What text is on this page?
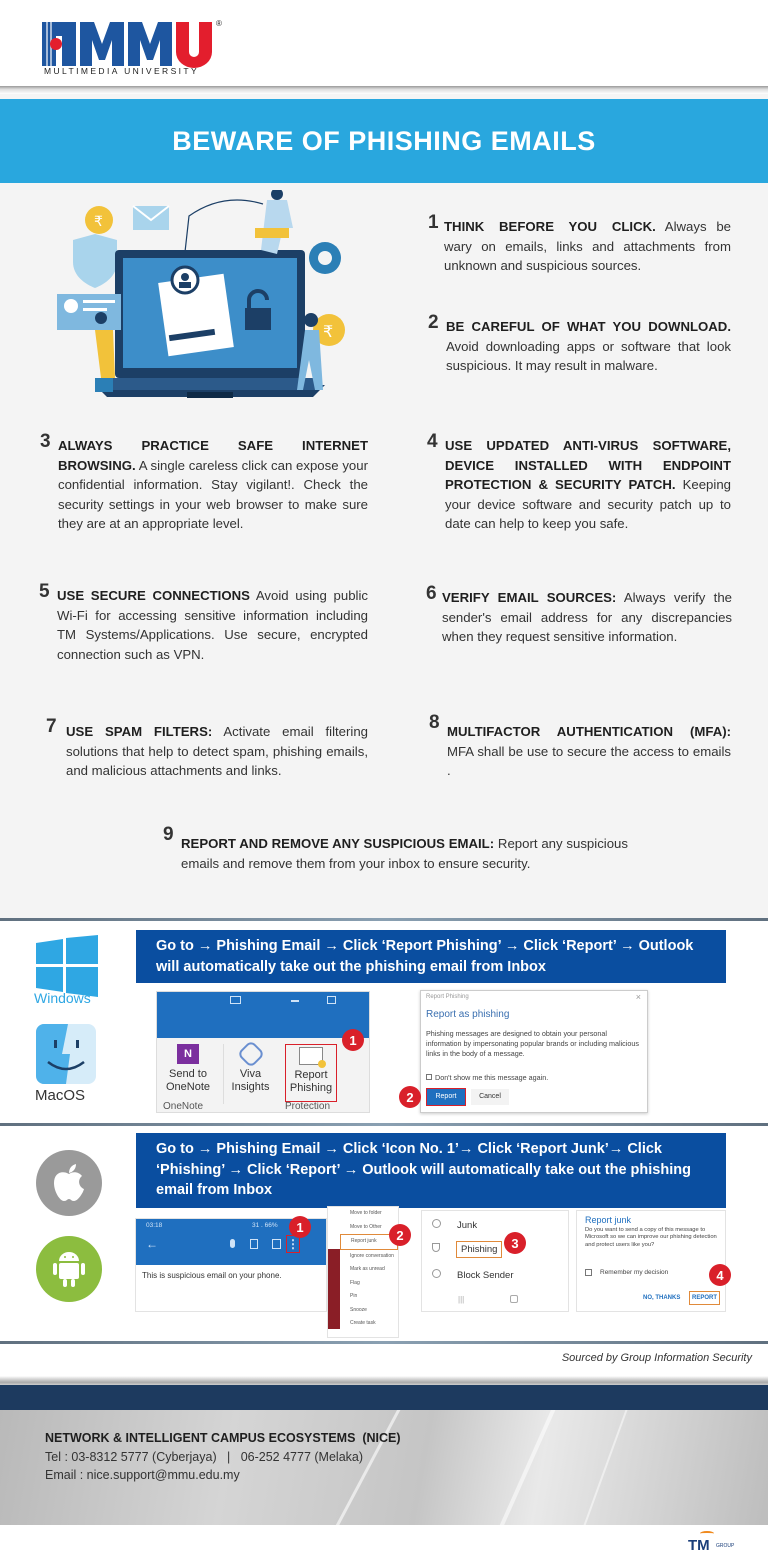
®
MULTIMEDIA UNIVERSITY
BEWARE OF PHISHING EMAILS
₹
₹
1 THINK BEFORE YOU CLICK. Always be wary on emails, links and attachments from unknown and suspicious sources.
2 BE CAREFUL OF WHAT YOU DOWNLOAD. Avoid downloading apps or software that look suspicious. It may result in malware.
3 ALWAYS PRACTICE SAFE INTERNET BROWSING. A single careless click can expose your confidential information. Stay vigilant!. Check the security settings in your web browser to make sure they are at an appropriate level.
4 USE UPDATED ANTI-VIRUS SOFTWARE, DEVICE INSTALLED WITH ENDPOINT PROTECTION & SECURITY PATCH. Keeping your device software and security patch up to date can help to keep you safe.
5 USE SECURE CONNECTIONS Avoid using public Wi-Fi for accessing sensitive information including TM Systems/Applications. Use secure, encrypted connection such as VPN.
6 VERIFY EMAIL SOURCES: Always verify the sender's email address for any discrepancies when they request sensitive information.
7 USE SPAM FILTERS: Activate email filtering solutions that help to detect spam, phishing emails, and malicious attachments and links.
8 MULTIFACTOR AUTHENTICATION (MFA): MFA shall be use to secure the access to emails .
9 REPORT AND REMOVE ANY SUSPICIOUS EMAIL: Report any suspicious emails and remove them from your inbox to ensure security.
Windows
MacOS
Go to → Phishing Email → Click ‘Report Phishing’ → Click ‘Report’ → Outlook will automatically take out the phishing email from Inbox
N
Send to
OneNote
Viva
Insights
Report
Phishing
OneNote	Protection
1
Report Phishing	×
Report as phishing
Phishing messages are designed to obtain your personal information by impersonating popular brands or including malicious links in the body of a message.
Don't show me this message again.
Report	Cancel
2
Go to → Phishing Email → Click ‘Icon No. 1’→ Click ‘Report Junk’→ Click ‘Phishing’ → Click ‘Report’ → Outlook will automatically take out the phishing email from Inbox
03:18	31 . 66%
←	⋮
This is suspicious email on your phone.
1
Move to folder
Move to Other
Report junk
Ignore conversation
Mark as unread
Flag
Pin
Snooze
Create task
2
Junk
Phishing
Block Sender
|||
3
Report junk
Do you want to send a copy of this message to Microsoft so we can improve our phishing detection and protect users like you?
Remember my decision
NO, THANKS	REPORT
4
Sourced by Group Information Security
NETWORK & INTELLIGENT CAMPUS ECOSYSTEMS  (NICE)
Tel : 03-8312 5777 (Cyberjaya)   |   06-252 4777 (Melaka)
Email : nice.support@mmu.edu.my
TM GROUP
